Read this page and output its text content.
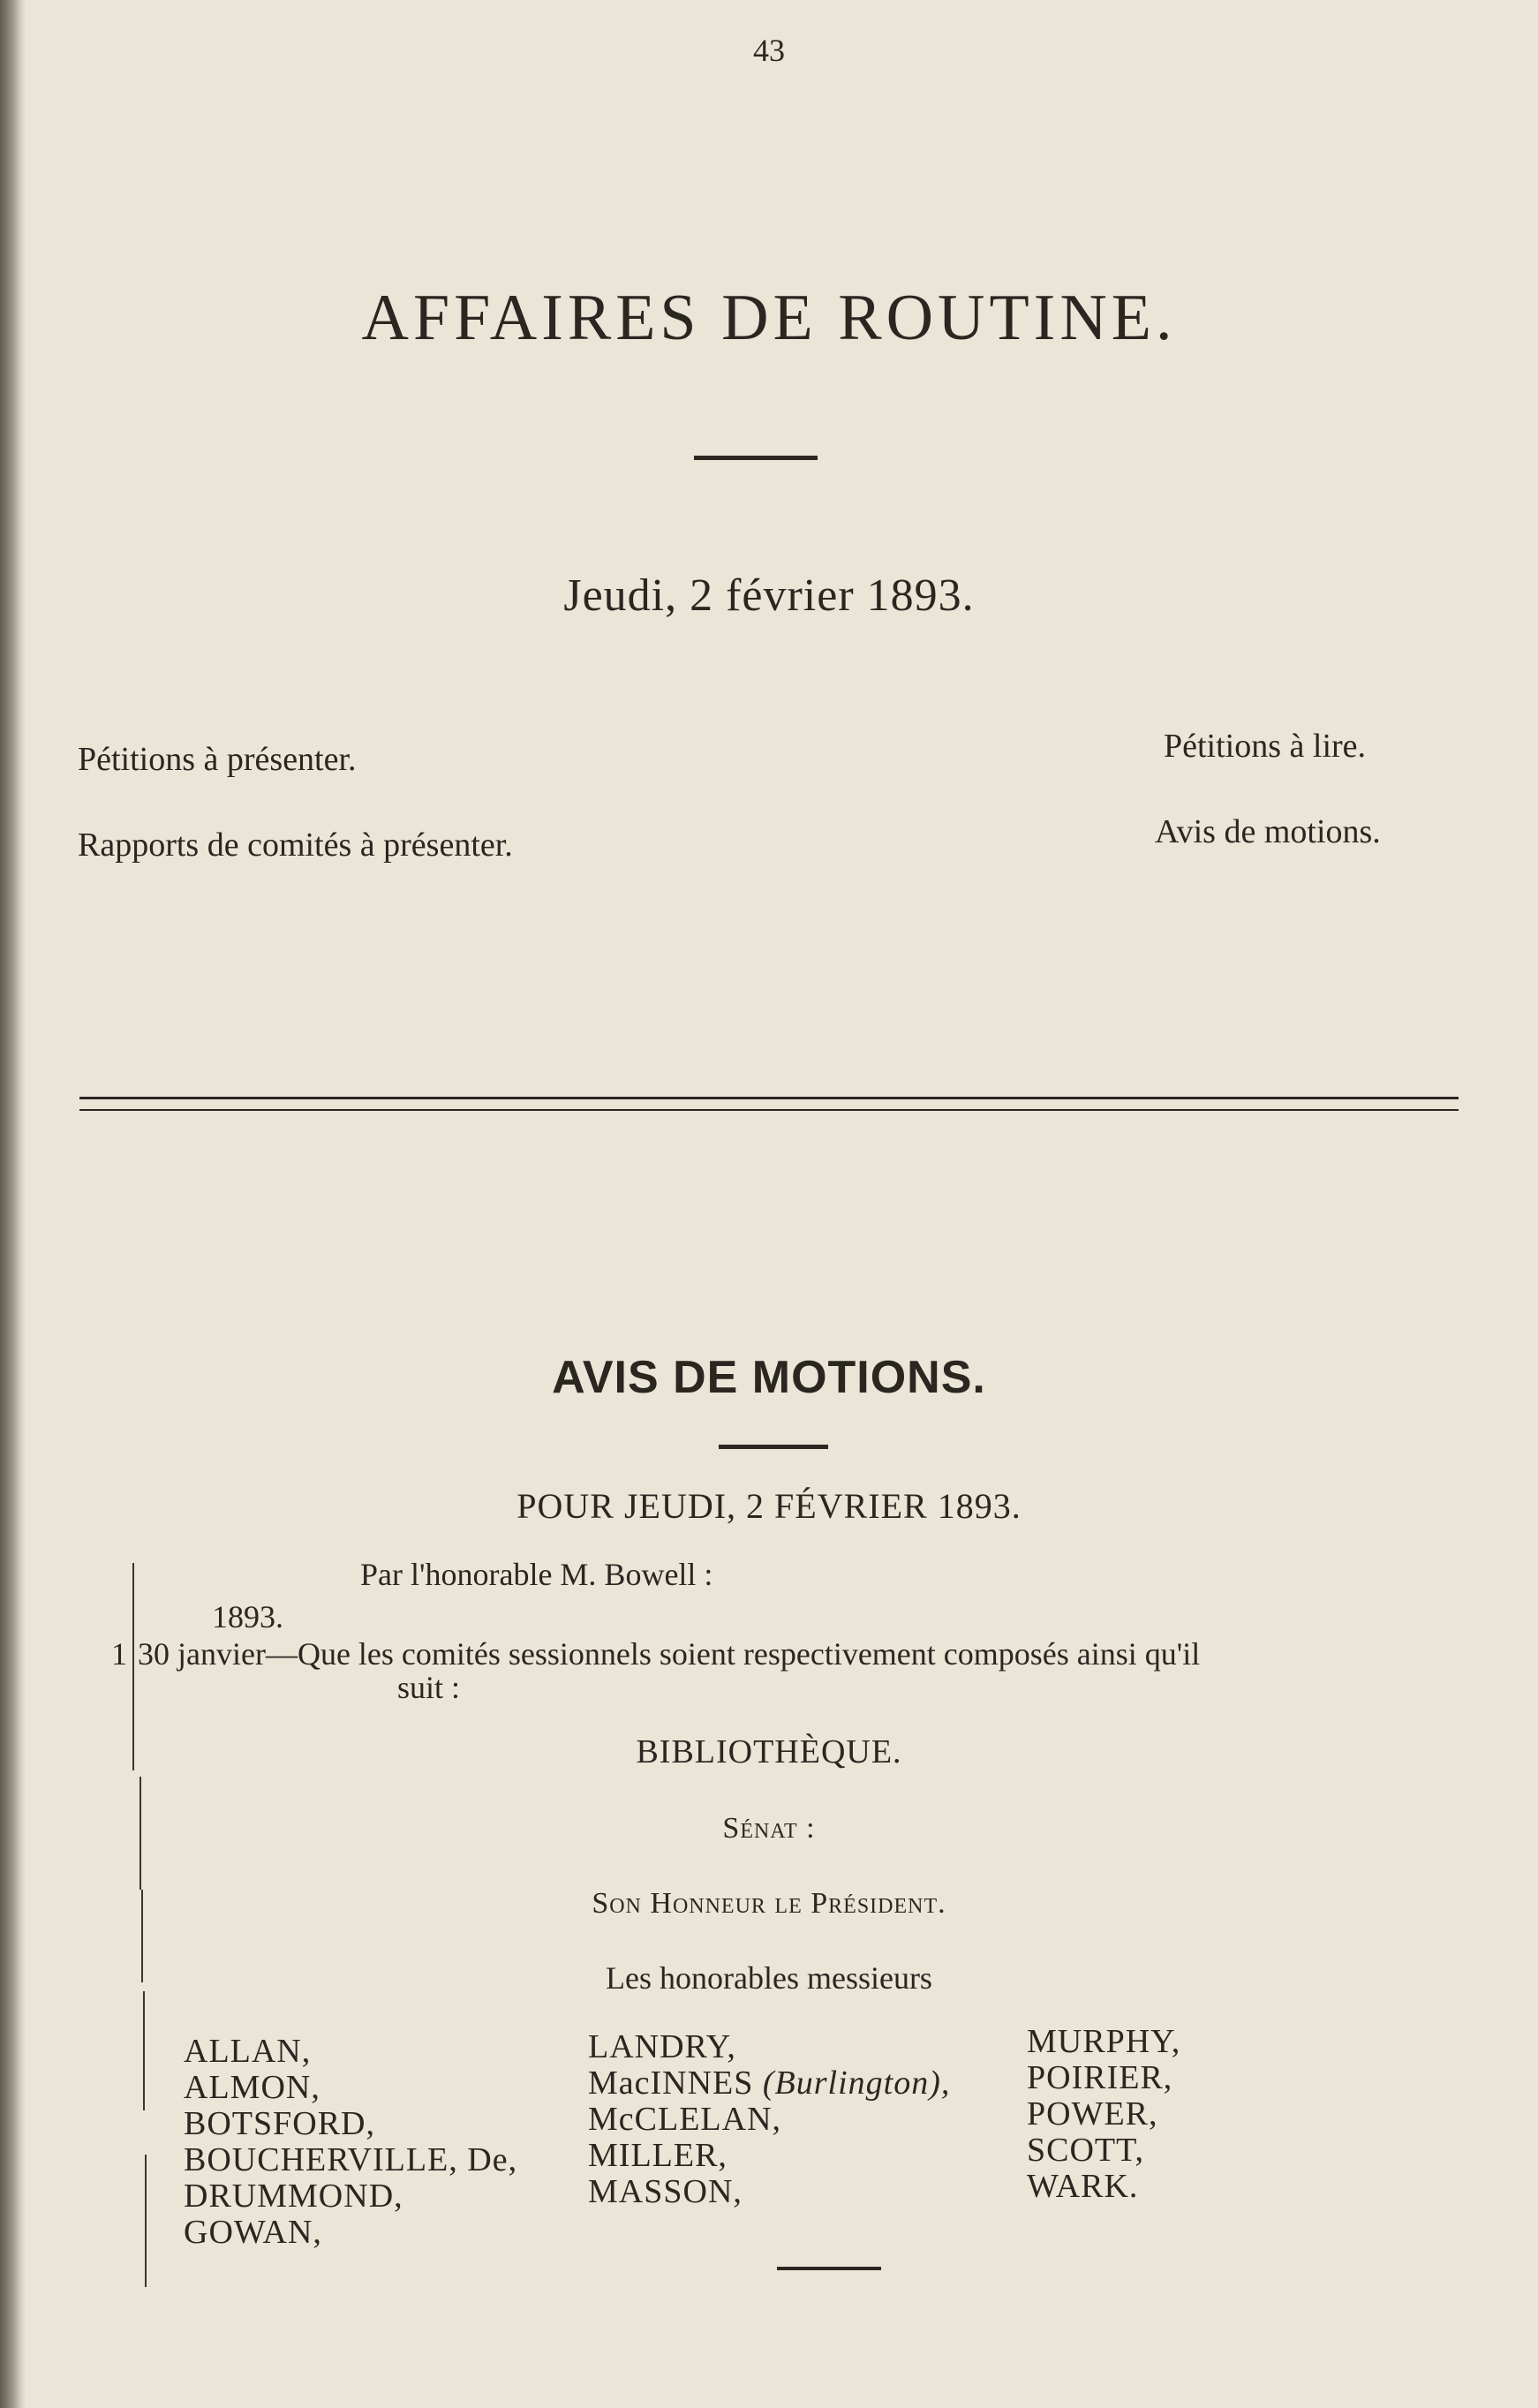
43
AFFAIRES DE ROUTINE.
Jeudi, 2 février 1893.
Pétitions à présenter.
Rapports de comités à présenter.
Pétitions à lire.
Avis de motions.
AVIS DE MOTIONS.
POUR JEUDI, 2 FÉVRIER 1893.
Par l'honorable M. Bowell :
1893.
1 30 janvier—Que les comités sessionnels soient respectivement composés ainsi qu'il
suit :
BIBLIOTHÈQUE.
Sénat :
Son Honneur le Président.
Les honorables messieurs
ALLAN,
ALMON,
BOTSFORD,
BOUCHERVILLE, De,
DRUMMOND,
GOWAN,
LANDRY,
MacINNES (Burlington),
McCLELAN,
MILLER,
MASSON,
MURPHY,
POIRIER,
POWER,
SCOTT,
WARK.
